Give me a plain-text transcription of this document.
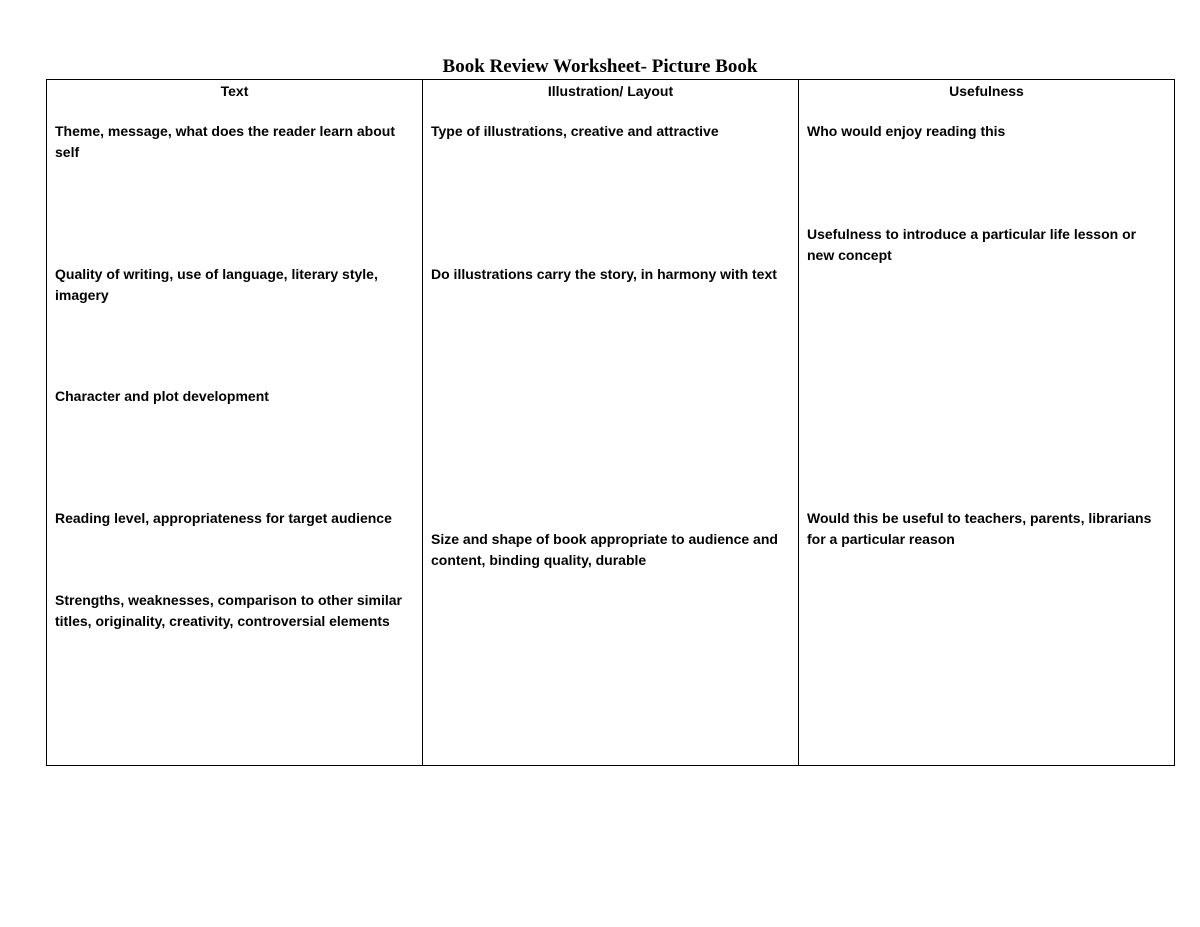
Book Review Worksheet- Picture Book
Text
Theme, message, what does the reader learn about self
Quality of writing, use of language, literary style, imagery
Character and plot development
Reading level, appropriateness for target audience
Strengths, weaknesses, comparison to other similar titles, originality, creativity, controversial elements
Illustration/ Layout
Type of illustrations, creative and attractive
Do illustrations carry the story, in harmony with text
Size and shape of book appropriate to audience and content, binding quality, durable
Usefulness
Who would enjoy reading this
Usefulness to introduce a particular life lesson or new concept
Would this be useful to teachers, parents, librarians for a particular reason
